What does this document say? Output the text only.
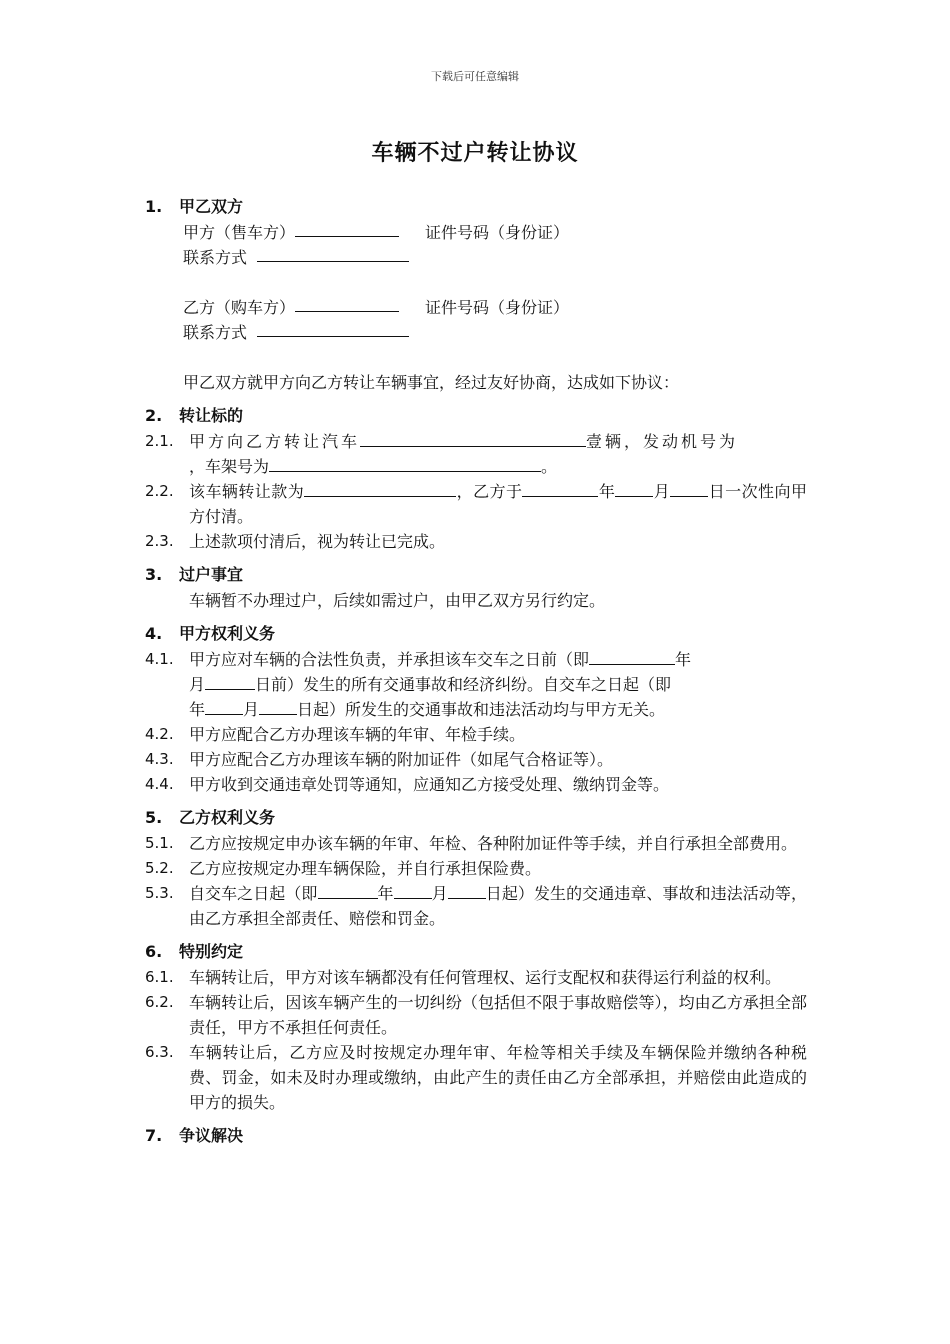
下载后可任意编辑
车辆不过户转让协议
1.	甲乙双方
甲方（售车方）	证件号码（身份证）
联系方式
乙方（购车方）	证件号码（身份证）
联系方式
甲乙双方就甲方向乙方转让车辆事宜，经过友好协商，达成如下协议：
2.	转让标的
2.1. 甲方向乙方转让汽车	壹辆，发动机号为
，车架号为	。
2.2. 该车辆转让款为	，乙方于	年 月 日一次性向甲方付清。
2.3. 上述款项付清后，视为转让已完成。
3.	过户事宜
车辆暂不办理过户，后续如需过户，由甲乙双方另行约定。
4.	甲方权利义务
4.1. 甲方应对车辆的合法性负责，并承担该车交车之日前（即	年
月	日前）发生的所有交通事故和经济纠纷。自交车之日起（即
年 月 日起）所发生的交通事故和违法活动均与甲方无关。
4.2. 甲方应配合乙方办理该车辆的年审、年检手续。
4.3. 甲方应配合乙方办理该车辆的附加证件（如尾气合格证等）。
4.4. 甲方收到交通违章处罚等通知，应通知乙方接受处理、缴纳罚金等。
5.	乙方权利义务
5.1. 乙方应按规定申办该车辆的年审、年检、各种附加证件等手续，并自行承担全部费用。
5.2. 乙方应按规定办理车辆保险，并自行承担保险费。
5.3. 自交车之日起（即	年 月 日起）发生的交通违章、事故和违法活动等，由乙方承担全部责任、赔偿和罚金。
6.	特别约定
6.1. 车辆转让后，甲方对该车辆都没有任何管理权、运行支配权和获得运行利益的权利。
6.2. 车辆转让后，因该车辆产生的一切纠纷（包括但不限于事故赔偿等），均由乙方承担全部责任，甲方不承担任何责任。
6.3. 车辆转让后，乙方应及时按规定办理年审、年检等相关手续及车辆保险并缴纳各种税费、罚金，如未及时办理或缴纳，由此产生的责任由乙方全部承担，并赔偿由此造成的甲方的损失。
7.	争议解决
